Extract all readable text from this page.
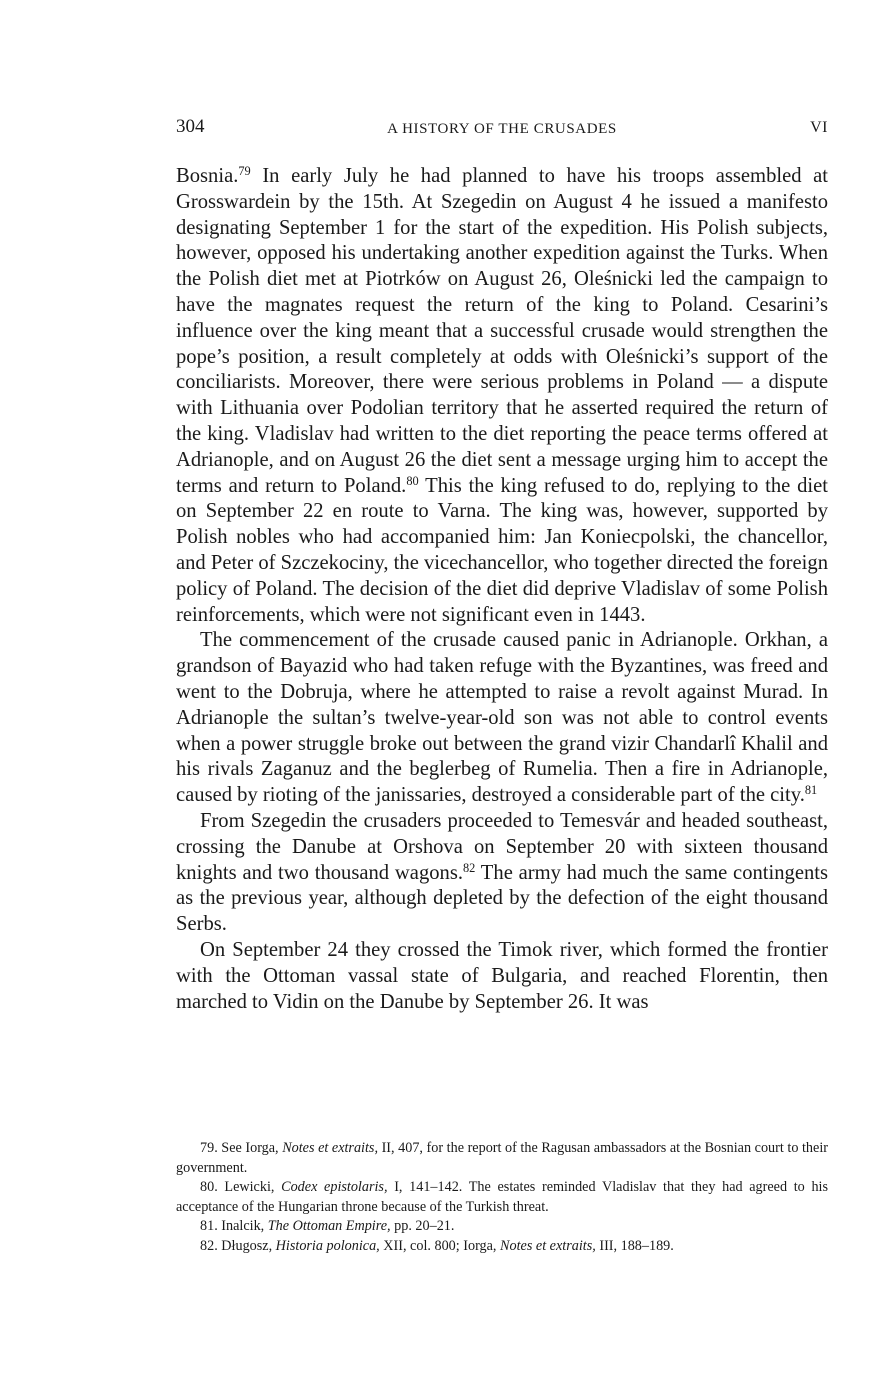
304	A HISTORY OF THE CRUSADES	VI

Bosnia.$^{79}$ In early July he had planned to have his troops assembled at Grosswardein by the 15th. At Szegedin on August 4 he issued a manifesto designating September 1 for the start of the expedition. His Polish subjects, however, opposed his undertaking another expedition against the Turks. When the Polish diet met at Piotrków on August 26, Oleśnicki led the campaign to have the magnates request the return of the king to Poland. Cesarini’s influence over the king meant that a successful crusade would strengthen the pope’s position, a result completely at odds with Oleśnicki’s support of the conciliarists. Moreover, there were serious problems in Poland — a dispute with Lithuania over Podolian territory that he asserted required the return of the king. Vladislav had written to the diet reporting the peace terms offered at Adrianople, and on August 26 the diet sent a message urging him to accept the terms and return to Poland.$^{80}$ This the king refused to do, replying to the diet on September 22 en route to Varna. The king was, however, supported by Polish nobles who had accompanied him: Jan Koniecpolski, the chancellor, and Peter of Szczekociny, the vicechancellor, who together directed the foreign policy of Poland. The decision of the diet did deprive Vladislav of some Polish reinforcements, which were not significant even in 1443.

The commencement of the crusade caused panic in Adrianople. Orkhan, a grandson of Bayazid who had taken refuge with the Byzantines, was freed and went to the Dobruja, where he attempted to raise a revolt against Murad. In Adrianople the sultan’s twelve-year-old son was not able to control events when a power struggle broke out between the grand vizir Chandarlî Khalil and his rivals Zaganuz and the beglerbeg of Rumelia. Then a fire in Adrianople, caused by rioting of the janissaries, destroyed a considerable part of the city.$^{81}$

From Szegedin the crusaders proceeded to Temesvár and headed southeast, crossing the Danube at Orshova on September 20 with sixteen thousand knights and two thousand wagons.$^{82}$ The army had much the same contingents as the previous year, although depleted by the defection of the eight thousand Serbs.

On September 24 they crossed the Timok river, which formed the frontier with the Ottoman vassal state of Bulgaria, and reached Florentin, then marched to Vidin on the Danube by September 26. It was

79. See Iorga, Notes et extraits, II, 407, for the report of the Ragusan ambassadors at the Bosnian court to their government.

80. Lewicki, Codex epistolaris, I, 141–142. The estates reminded Vladislav that they had agreed to his acceptance of the Hungarian throne because of the Turkish threat.

81. Inalcik, The Ottoman Empire, pp. 20–21.

82. Długosz, Historia polonica, XII, col. 800; Iorga, Notes et extraits, III, 188–189.
